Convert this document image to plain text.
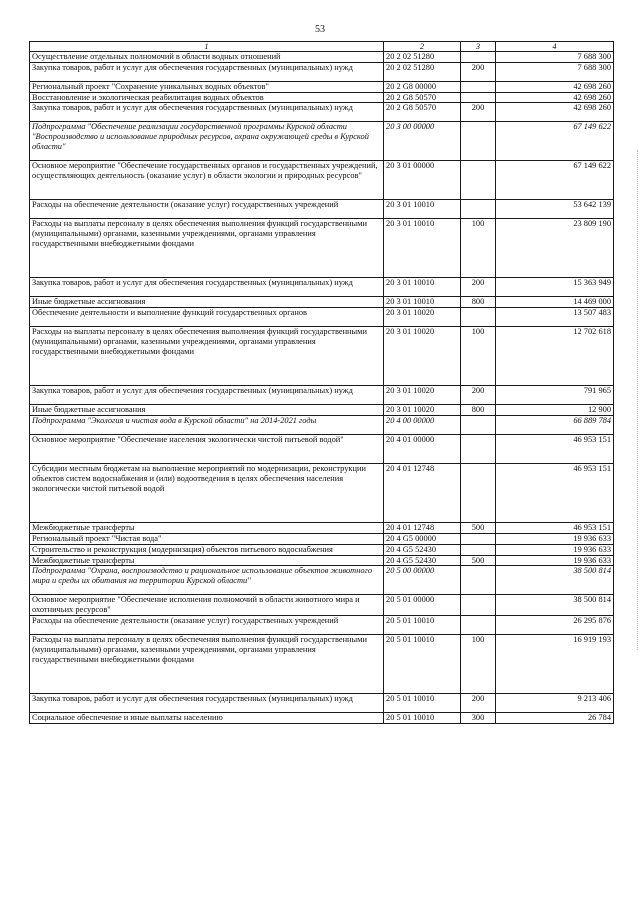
53
1	2	3	4
Осуществление отдельных полномочий в области водных отношений	20 2 02 51280		7 688 300
Закупка товаров, работ и услуг для обеспечения государственных (муниципальных) нужд	20 2 02 51280	200	7 688 300
Региональный проект "Сохранение уникальных водных объектов"	20 2 G8 00000		42 698 260
Восстановление и экологическая реабилитация водных объектов	20 2 G8 50570		42 698 260
Закупка товаров, работ и услуг для обеспечения государственных (муниципальных) нужд	20 2 G8 50570	200	42 698 260
Подпрограмма "Обеспечение реализации государственной программы Курской области "Воспроизводство и использование природных ресурсов, охрана окружающей среды в Курской области"	20 3 00 00000		67 149 622
Основное мероприятие "Обеспечение государственных органов и государственных учреждений, осуществляющих деятельность (оказание услуг) в области экологии и природных ресурсов"	20 3 01 00000		67 149 622
Расходы на обеспечение деятельности (оказание услуг) государственных учреждений	20 3 01 10010		53 642 139
Расходы на выплаты персоналу в целях обеспечения выполнения функций государственными (муниципальными) органами, казенными учреждениями, органами управления государственными внебюджетными фондами	20 3 01 10010	100	23 809 190
Закупка товаров, работ и услуг для обеспечения государственных (муниципальных) нужд	20 3 01 10010	200	15 363 949
Иные бюджетные ассигнования	20 3 01 10010	800	14 469 000
Обеспечение деятельности и выполнение функций государственных органов	20 3 01 10020		13 507 483
Расходы на выплаты персоналу в целях обеспечения выполнения функций государственными (муниципальными) органами, казенными учреждениями, органами управления государственными внебюджетными фондами	20 3 01 10020	100	12 702 618
Закупка товаров, работ и услуг для обеспечения государственных (муниципальных) нужд	20 3 01 10020	200	791 965
Иные бюджетные ассигнования	20 3 01 10020	800	12 900
Подпрограмма "Экология и чистая вода в Курской области" на 2014-2021 годы	20 4 00 00000		66 889 784
Основное мероприятие "Обеспечение населения экологически чистой питьевой водой"	20 4 01 00000		46 953 151
Субсидии местным бюджетам на выполнение мероприятий по модернизации, реконструкции объектов систем водоснабжения и (или) водоотведения в целях обеспечения населения экологически чистой питьевой водой	20 4 01 12748		46 953 151
Межбюджетные трансферты	20 4 01 12748	500	46 953 151
Региональный проект "Чистая вода"	20 4 G5 00000		19 936 633
Строительство и реконструкция (модернизация) объектов питьевого водоснабжения	20 4 G5 52430		19 936 633
Межбюджетные трансферты	20 4 G5 52430	500	19 936 633
Подпрограмма "Охрана, воспроизводство и рациональное использование объектов животного мира и среды их обитания на территории Курской области"	20 5 00 00000		38 500 814
Основное мероприятие "Обеспечение исполнения полномочий в области животного мира и охотничьих ресурсов"	20 5 01 00000		38 500 814
Расходы на обеспечение деятельности (оказание услуг) государственных учреждений	20 5 01 10010		26 295 876
Расходы на выплаты персоналу в целях обеспечения выполнения функций государственными (муниципальными) органами, казенными учреждениями, органами управления государственными внебюджетными фондами	20 5 01 10010	100	16 919 193
Закупка товаров, работ и услуг для обеспечения государственных (муниципальных) нужд	20 5 01 10010	200	9 213 406
Социальное обеспечение и иные выплаты населению	20 5 01 10010	300	26 784
